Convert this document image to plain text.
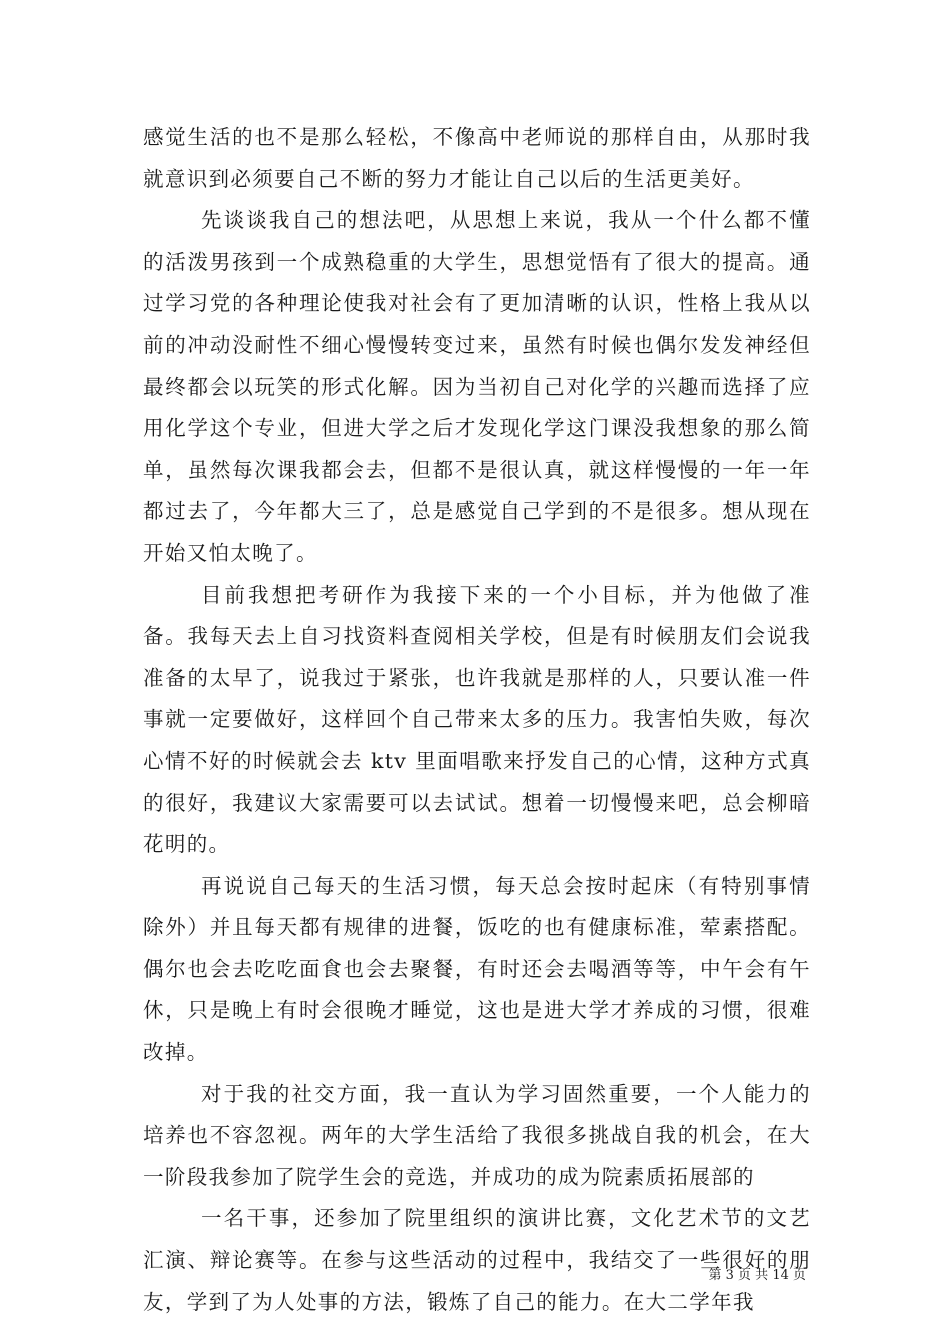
感觉生活的也不是那么轻松，不像高中老师说的那样自由，从那时我就意识到必须要自己不断的努力才能让自己以后的生活更美好。

先谈谈我自己的想法吧，从思想上来说，我从一个什么都不懂的活泼男孩到一个成熟稳重的大学生，思想觉悟有了很大的提高。通过学习党的各种理论使我对社会有了更加清晰的认识，性格上我从以前的冲动没耐性不细心慢慢转变过来，虽然有时候也偶尔发发神经但最终都会以玩笑的形式化解。因为当初自己对化学的兴趣而选择了应用化学这个专业，但进大学之后才发现化学这门课没我想象的那么简单，虽然每次课我都会去，但都不是很认真，就这样慢慢的一年一年都过去了，今年都大三了，总是感觉自己学到的不是很多。想从现在开始又怕太晚了。

目前我想把考研作为我接下来的一个小目标，并为他做了准备。我每天去上自习找资料查阅相关学校，但是有时候朋友们会说我准备的太早了，说我过于紧张，也许我就是那样的人，只要认准一件事就一定要做好，这样回个自己带来太多的压力。我害怕失败，每次心情不好的时候就会去 ktv 里面唱歌来抒发自己的心情，这种方式真的很好，我建议大家需要可以去试试。想着一切慢慢来吧，总会柳暗花明的。

再说说自己每天的生活习惯，每天总会按时起床（有特别事情除外）并且每天都有规律的进餐，饭吃的也有健康标准，荤素搭配。偶尔也会去吃吃面食也会去聚餐，有时还会去喝酒等等，中午会有午休，只是晚上有时会很晚才睡觉，这也是进大学才养成的习惯，很难改掉。

对于我的社交方面，我一直认为学习固然重要，一个人能力的培养也不容忽视。两年的大学生活给了我很多挑战自我的机会，在大一阶段我参加了院学生会的竞选，并成功的成为院素质拓展部的

一名干事，还参加了院里组织的演讲比赛，文化艺术节的文艺汇演、辩论赛等。在参与这些活动的过程中，我结交了一些很好的朋友，学到了为人处事的方法，锻炼了自己的能力。在大二学年我

第 3 页 共 14 页
